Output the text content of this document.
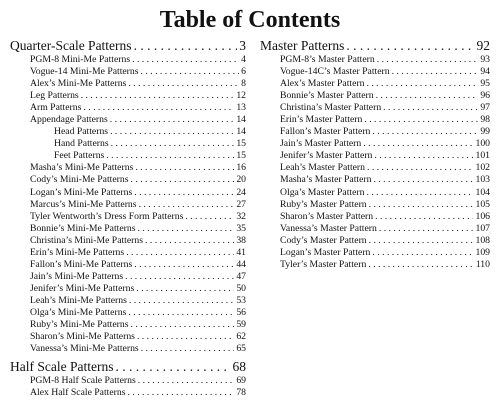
Table of Contents
Quarter-Scale Patterns . . .	3
PGM-8 Mini-Me Patterns . . .	4
Vogue-14 Mini-Me Patterns . . .	6
Alex’s Mini-Me Patterns . . .	8
Leg Patterns . . .	12
Arm Patterns . . .	13
Appendage Patterns . . .	14
Head Patterns . . .	14
Hand Patterns . . .	15
Feet Patterns . . .	15
Masha’s Mini-Me Patterns . . .	16
Cody’s Mini-Me Patterns . . .	20
Logan’s Mini-Me Patterns . . .	24
Marcus’s Mini-Me Patterns . . .	27
Tyler Wentworth’s Dress Form Patterns . . .	32
Bonnie’s Mini-Me Patterns . . .	35
Christina’s Mini-Me Patterns . . .	38
Erin’s Mini-Me Patterns . . .	41
Fallon’s Mini-Me Patterns . . .	44
Jain’s Mini-Me Patterns . . .	47
Jenifer’s Mini-Me Patterns . . .	50
Leah’s Mini-Me Patterns . . .	53
Olga’s Mini-Me Patterns . . .	56
Ruby’s Mini-Me Patterns . . .	59
Sharon’s Mini-Me Patterns . . .	62
Vanessa’s Mini-Me Patterns . . .	65
Half Scale Patterns . . .	68
PGM-8 Half Scale Patterns . . .	69
Alex Half Scale Patterns . . .	78
Master Patterns . . .	92
PGM-8’s Master Pattern . . .	93
Vogue-14C’s Master Pattern . . .	94
Alex’s Master Pattern . . .	95
Bonnie’s Master Pattern . . .	96
Christina’s Master Pattern . . .	97
Erin’s Master Pattern . . .	98
Fallon’s Master Pattern . . .	99
Jain’s Master Pattern . . .	100
Jenifer’s Master Pattern . . .	101
Leah’s Master Pattern . . .	102
Masha’s Master Pattern . . .	103
Olga’s Master Pattern . . .	104
Ruby’s Master Pattern . . .	105
Sharon’s Master Pattern . . .	106
Vanessa’s Master Pattern . . .	107
Cody’s Master Pattern . . .	108
Logan’s Master Pattern . . .	109
Tyler’s Master Pattern . . .	110
